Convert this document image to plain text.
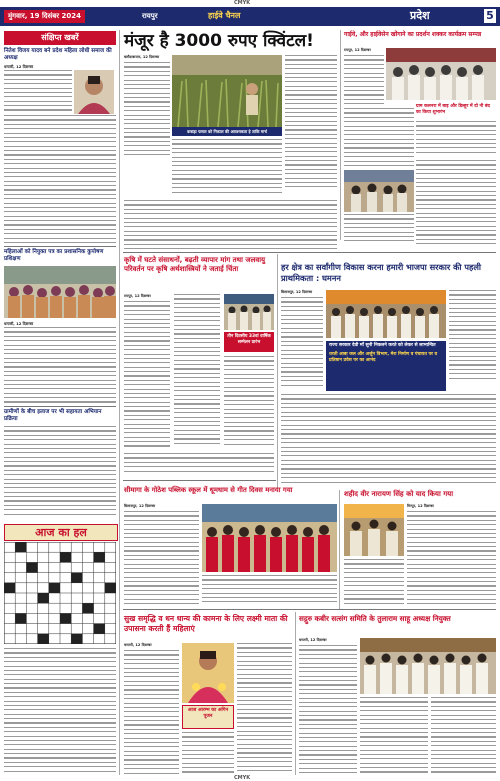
CMYK
CMYK
मुंगवार, 19 दिसंबर 2024	रायपुर	हाईवे चैनल	प्रदेश	5
संक्षिप्त खबरें
नितेश विजय यादव बने प्रदेश महिला लोधी समाज की अध्यक्ष
धमतरी, 12 दिसम्बर
महिलाओं को नियुक्त पत्र का प्रशासनिक कुपोषण प्रशिक्षण
धमतरी, 12 दिसम्बर
ग्रामीणों के बीच इलाज पर भी सहायता अभियान प्रक्रिया
आज का हल
मंजूर है 3000 रुपए क्विंटल!
बलौदाबाजार, 12 दिसम्बर
कबाड़ा फसल को निकाल की आवश्यकता हे ताकि मार्च
गाईवे, और हाईवेसेन खोंगाने का प्रदर्शन शक्कर कार्यक्रम सम्पन्न
रायपुर, 12 दिसम्बर
ग्राम कलनरा में बाड़ और डिल्हूर में दो नी बंद का किया शुभारंभ
कृषि में घटते संसाधनों, बढ़ती व्यापार मांग तथा जलवायु परिवर्तन पर कृषि अर्थशास्त्रियों ने जताई चिंता
रायपुर, 12 दिसम्बर
तीन दिवसीय 33वां वार्षिक सम्मेलन प्रारंभ
हर क्षेत्र का सर्वांगीण विकास करना हमारी भाजपा सरकार की पहली प्राथमिकता : घमनन
बिलासपुर, 12 दिसम्बर
राज्य सरकार देवी माँ सुनी निकलने करते को लेकर से लाभान्वित
धरती आबा जल और अर्जुन विभाग, मेरा निर्माण व पंचायत पर व प्रतिष्ठान प्रवेश पर का आनंद
सीमागा के गोठेश पब्लिक स्कूल में धूमधाम से गीत दिवस मनाया गया
बिलासपुर, 12 दिसम्बर
शहीद वीर नारायण सिंह को याद किया गया
मिरपुर, 12 दिसम्बर
सुख समृद्धि व धन धान्य की कामना के लिए लक्ष्मी माता की उपासना करती हैं महिलाएं
धमतरी, 12 दिसम्बर
आज आरम्भ का अगिन पूजन
सद्गुरु कबीर सत्संग समिति के तुलाराम साहू अध्यक्ष नियुक्त
धमतरी, 12 दिसम्बर
